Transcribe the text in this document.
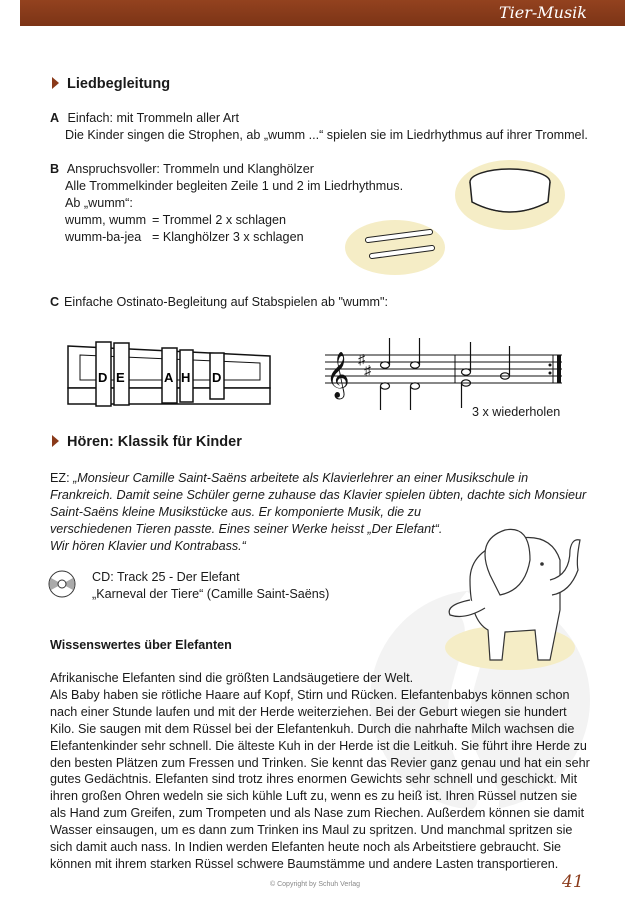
Tier-Musik
Liedbegleitung
A Einfach: mit Trommeln aller Art
Die Kinder singen die Strophen, ab „wumm ...“ spielen sie im Liedrhythmus auf ihrer Trommel.
B Anspruchsvoller: Trommeln und Klanghölzer
Alle Trommelkinder begleiten Zeile 1 und 2 im Liedrhythmus.
Ab „wumm“:
wumm, wumm = Trommel 2 x schlagen
wumm-ba-jea = Klanghölzer 3 x schlagen
C Einfache Ostinato-Begleitung auf Stabspielen ab "wumm":
D E	A H D	𝄞 ♯
♯
3 x wiederholen
Hören: Klassik für Kinder
EZ: „Monsieur Camille Saint-Saëns arbeitete als Klavierlehrer an einer Musikschule in
Frankreich. Damit seine Schüler gerne zuhause das Klavier spielen übten, dachte sich Monsieur
Saint-Saëns kleine Musikstücke aus. Er komponierte Musik, die zu
verschiedenen Tieren passte. Eines seiner Werke heisst „Der Elefant“.
Wir hören Klavier und Kontrabass.“
CD: Track 25 - Der Elefant
„Karneval der Tiere“ (Camille Saint-Saëns)
Wissenswertes über Elefanten
Afrikanische Elefanten sind die größten Landsäugetiere der Welt.
Als Baby haben sie rötliche Haare auf Kopf, Stirn und Rücken. Elefantenbabys können schon
nach einer Stunde laufen und mit der Herde weiterziehen. Bei der Geburt wiegen sie hundert
Kilo. Sie saugen mit dem Rüssel bei der Elefantenkuh. Durch die nahrhafte Milch wachsen die
Elefantenkinder sehr schnell. Die älteste Kuh in der Herde ist die Leitkuh. Sie führt ihre Herde zu
den besten Plätzen zum Fressen und Trinken. Sie kennt das Revier ganz genau und hat ein sehr
gutes Gedächtnis. Elefanten sind trotz ihres enormen Gewichts sehr schnell und geschickt. Mit
ihren großen Ohren wedeln sie sich kühle Luft zu, wenn es zu heiß ist. Ihren Rüssel nutzen sie
als Hand zum Greifen, zum Trompeten und als Nase zum Riechen. Außerdem können sie damit
Wasser einsaugen, um es dann zum Trinken ins Maul zu spritzen. Und manchmal spritzen sie
sich damit auch nass. In Indien werden Elefanten heute noch als Arbeitstiere gebraucht. Sie
können mit ihrem starken Rüssel schwere Baumstämme und andere Lasten transportieren.
© Copyright by Schuh Verlag	41
